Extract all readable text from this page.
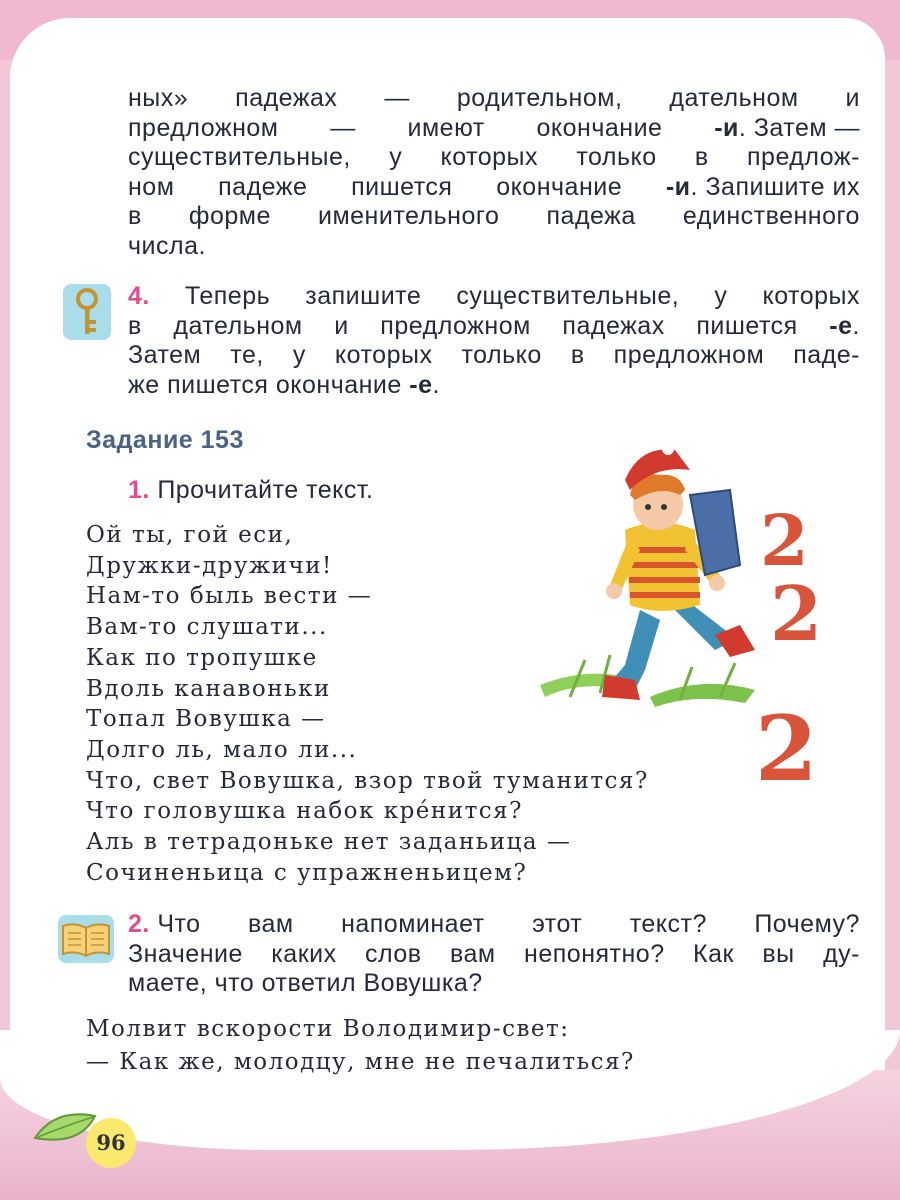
ных» падежах — родительном, дательном и
предложном — имеют окончание -и. Затем —
существительные, у которых только в предлож-
ном падеже пишется окончание -и. Запишите их
в форме именительного падежа единственного
числа.
4. Теперь запишите существительные, у которых
в дательном и предложном падежах пишется -е.
Затем те, у которых только в предложном паде-
же пишется окончание -е.
Задание 153
1. Прочитайте текст.
Ой ты, гой еси,
Дружки-дружичи!
Нам-то быль вести —
Вам-то слушати...
Как по тропушке
Вдоль канавоньки
Топал Вовушка —
Долго ль, мало ли...
Что, свет Вовушка, взор твой туманится?
Что головушка набок кре́нится?
Аль в тетрадоньке нет заданьица —
Сочиненьица с упражненьицем?
2
2
2
2. Что вам напоминает этот текст? Почему?
Значение каких слов вам непонятно? Как вы ду-
маете, что ответил Вовушка?
Молвит вскорости Володимир-свет:
— Как же, молодцу, мне не печалиться?
96
